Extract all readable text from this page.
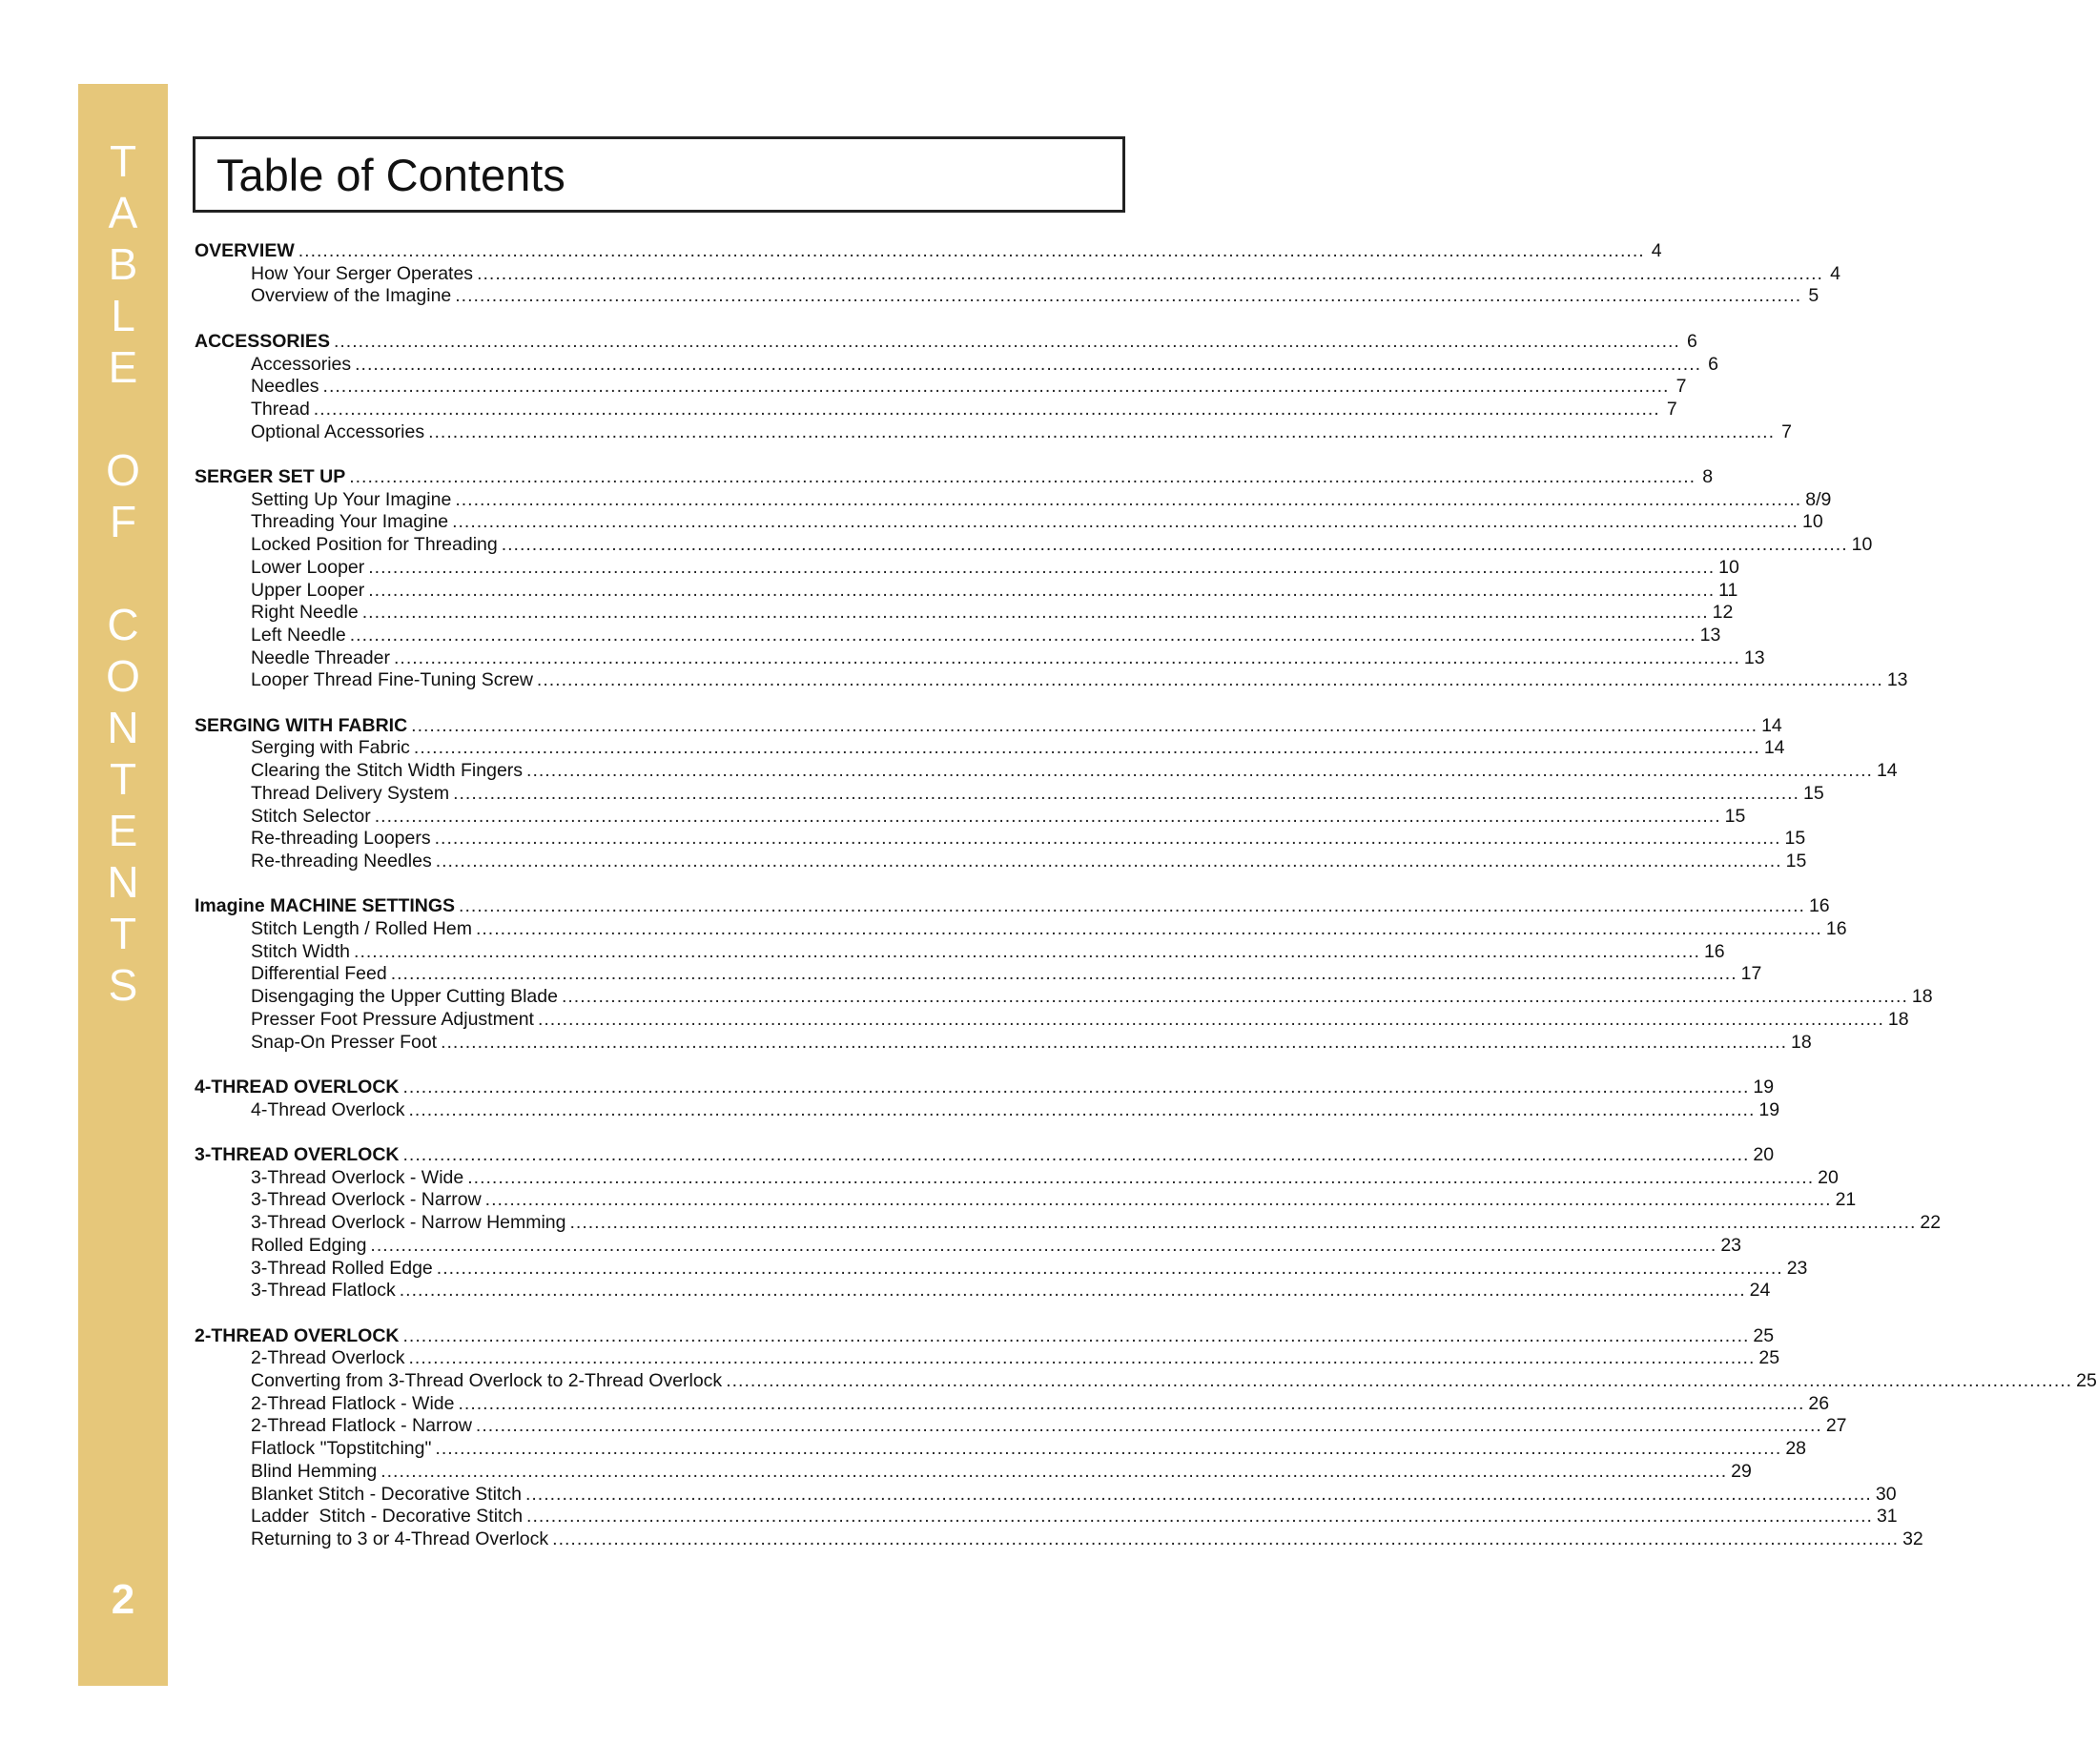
T
A
B
L
E
O
F
C
O
N
T
E
N
T
S
2
Table of Contents
OVERVIEW ............................................................................................................................................................................................................................ 4
How Your Serger Operates ............................................................................................................................................................................................................................ 4
Overview of the Imagine ............................................................................................................................................................................................................................ 5
ACCESSORIES ............................................................................................................................................................................................................................ 6
Accessories ............................................................................................................................................................................................................................ 6
Needles ............................................................................................................................................................................................................................ 7
Thread ............................................................................................................................................................................................................................ 7
Optional Accessories ............................................................................................................................................................................................................................ 7
SERGER SET UP ............................................................................................................................................................................................................................ 8
Setting Up Your Imagine ............................................................................................................................................................................................................................ 8/9
Threading Your Imagine ............................................................................................................................................................................................................................ 10
Locked Position for Threading ............................................................................................................................................................................................................................ 10
Lower Looper ............................................................................................................................................................................................................................ 10
Upper Looper ............................................................................................................................................................................................................................ 11
Right Needle ............................................................................................................................................................................................................................ 12
Left Needle ............................................................................................................................................................................................................................ 13
Needle Threader ............................................................................................................................................................................................................................ 13
Looper Thread Fine-Tuning Screw ............................................................................................................................................................................................................................ 13
SERGING WITH FABRIC ............................................................................................................................................................................................................................ 14
Serging with Fabric ............................................................................................................................................................................................................................ 14
Clearing the Stitch Width Fingers ............................................................................................................................................................................................................................ 14
Thread Delivery System ............................................................................................................................................................................................................................ 15
Stitch Selector ............................................................................................................................................................................................................................ 15
Re-threading Loopers ............................................................................................................................................................................................................................ 15
Re-threading Needles ............................................................................................................................................................................................................................ 15
Imagine MACHINE SETTINGS ............................................................................................................................................................................................................................ 16
Stitch Length / Rolled Hem ............................................................................................................................................................................................................................ 16
Stitch Width ............................................................................................................................................................................................................................ 16
Differential Feed ............................................................................................................................................................................................................................ 17
Disengaging the Upper Cutting Blade ............................................................................................................................................................................................................................ 18
Presser Foot Pressure Adjustment ............................................................................................................................................................................................................................ 18
Snap-On Presser Foot ............................................................................................................................................................................................................................ 18
4-THREAD OVERLOCK ............................................................................................................................................................................................................................ 19
4-Thread Overlock ............................................................................................................................................................................................................................ 19
3-THREAD OVERLOCK ............................................................................................................................................................................................................................ 20
3-Thread Overlock - Wide ............................................................................................................................................................................................................................ 20
3-Thread Overlock - Narrow ............................................................................................................................................................................................................................ 21
3-Thread Overlock - Narrow Hemming ............................................................................................................................................................................................................................ 22
Rolled Edging ............................................................................................................................................................................................................................ 23
3-Thread Rolled Edge ............................................................................................................................................................................................................................ 23
3-Thread Flatlock ............................................................................................................................................................................................................................ 24
2-THREAD OVERLOCK ............................................................................................................................................................................................................................ 25
2-Thread Overlock ............................................................................................................................................................................................................................ 25
Converting from 3-Thread Overlock to 2-Thread Overlock ............................................................................................................................................................................................................................ 25
2-Thread Flatlock - Wide ............................................................................................................................................................................................................................ 26
2-Thread Flatlock - Narrow ............................................................................................................................................................................................................................ 27
Flatlock "Topstitching" ............................................................................................................................................................................................................................ 28
Blind Hemming ............................................................................................................................................................................................................................ 29
Blanket Stitch - Decorative Stitch ............................................................................................................................................................................................................................ 30
Ladder  Stitch - Decorative Stitch ............................................................................................................................................................................................................................ 31
Returning to 3 or 4-Thread Overlock ............................................................................................................................................................................................................................ 32
